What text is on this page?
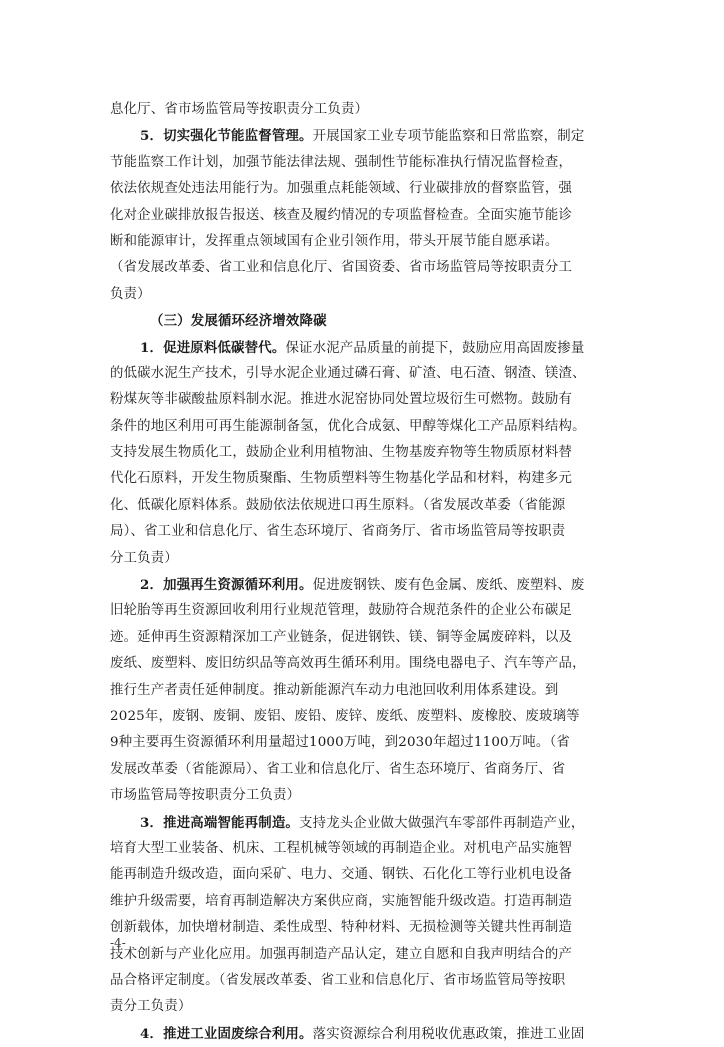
息化厅、省市场监管局等按职责分工负责）
5．切实强化节能监督管理。开展国家工业专项节能监察和日常监察，制定
节能监察工作计划，加强节能法律法规、强制性节能标准执行情况监督检查，
依法依规查处违法用能行为。加强重点耗能领域、行业碳排放的督察监管，强
化对企业碳排放报告报送、核查及履约情况的专项监督检查。全面实施节能诊
断和能源审计，发挥重点领域国有企业引领作用，带头开展节能自愿承诺。
（省发展改革委、省工业和信息化厅、省国资委、省市场监管局等按职责分工
负责）
（三）发展循环经济增效降碳
1．促进原料低碳替代。保证水泥产品质量的前提下，鼓励应用高固废掺量
的低碳水泥生产技术，引导水泥企业通过磷石膏、矿渣、电石渣、钢渣、镁渣、
粉煤灰等非碳酸盐原料制水泥。推进水泥窑协同处置垃圾衍生可燃物。鼓励有
条件的地区利用可再生能源制备氢，优化合成氨、甲醇等煤化工产品原料结构。
支持发展生物质化工，鼓励企业利用植物油、生物基废弃物等生物质原材料替
代化石原料，开发生物质聚酯、生物质塑料等生物基化学品和材料，构建多元
化、低碳化原料体系。鼓励依法依规进口再生原料。（省发展改革委（省能源
局）、省工业和信息化厅、省生态环境厅、省商务厅、省市场监管局等按职责
分工负责）
2．加强再生资源循环利用。促进废钢铁、废有色金属、废纸、废塑料、废
旧轮胎等再生资源回收利用行业规范管理，鼓励符合规范条件的企业公布碳足
迹。延伸再生资源精深加工产业链条，促进钢铁、镁、铜等金属废碎料，以及
废纸、废塑料、废旧纺织品等高效再生循环利用。围绕电器电子、汽车等产品，
推行生产者责任延伸制度。推动新能源汽车动力电池回收利用体系建设。到
2025年，废钢、废铜、废铝、废铅、废锌、废纸、废塑料、废橡胶、废玻璃等
9种主要再生资源循环利用量超过1000万吨，到2030年超过1100万吨。（省
发展改革委（省能源局）、省工业和信息化厅、省生态环境厅、省商务厅、省
市场监管局等按职责分工负责）
3．推进高端智能再制造。支持龙头企业做大做强汽车零部件再制造产业，
培育大型工业装备、机床、工程机械等领域的再制造企业。对机电产品实施智
能再制造升级改造，面向采矿、电力、交通、钢铁、石化化工等行业机电设备
维护升级需要，培育再制造解决方案供应商，实施智能升级改造。打造再制造
创新载体，加快增材制造、柔性成型、特种材料、无损检测等关键共性再制造
技术创新与产业化应用。加强再制造产品认定，建立自愿和自我声明结合的产
品合格评定制度。（省发展改革委、省工业和信息化厅、省市场监管局等按职
责分工负责）
4．推进工业固废综合利用。落实资源综合利用税收优惠政策，推进工业固
-4-
